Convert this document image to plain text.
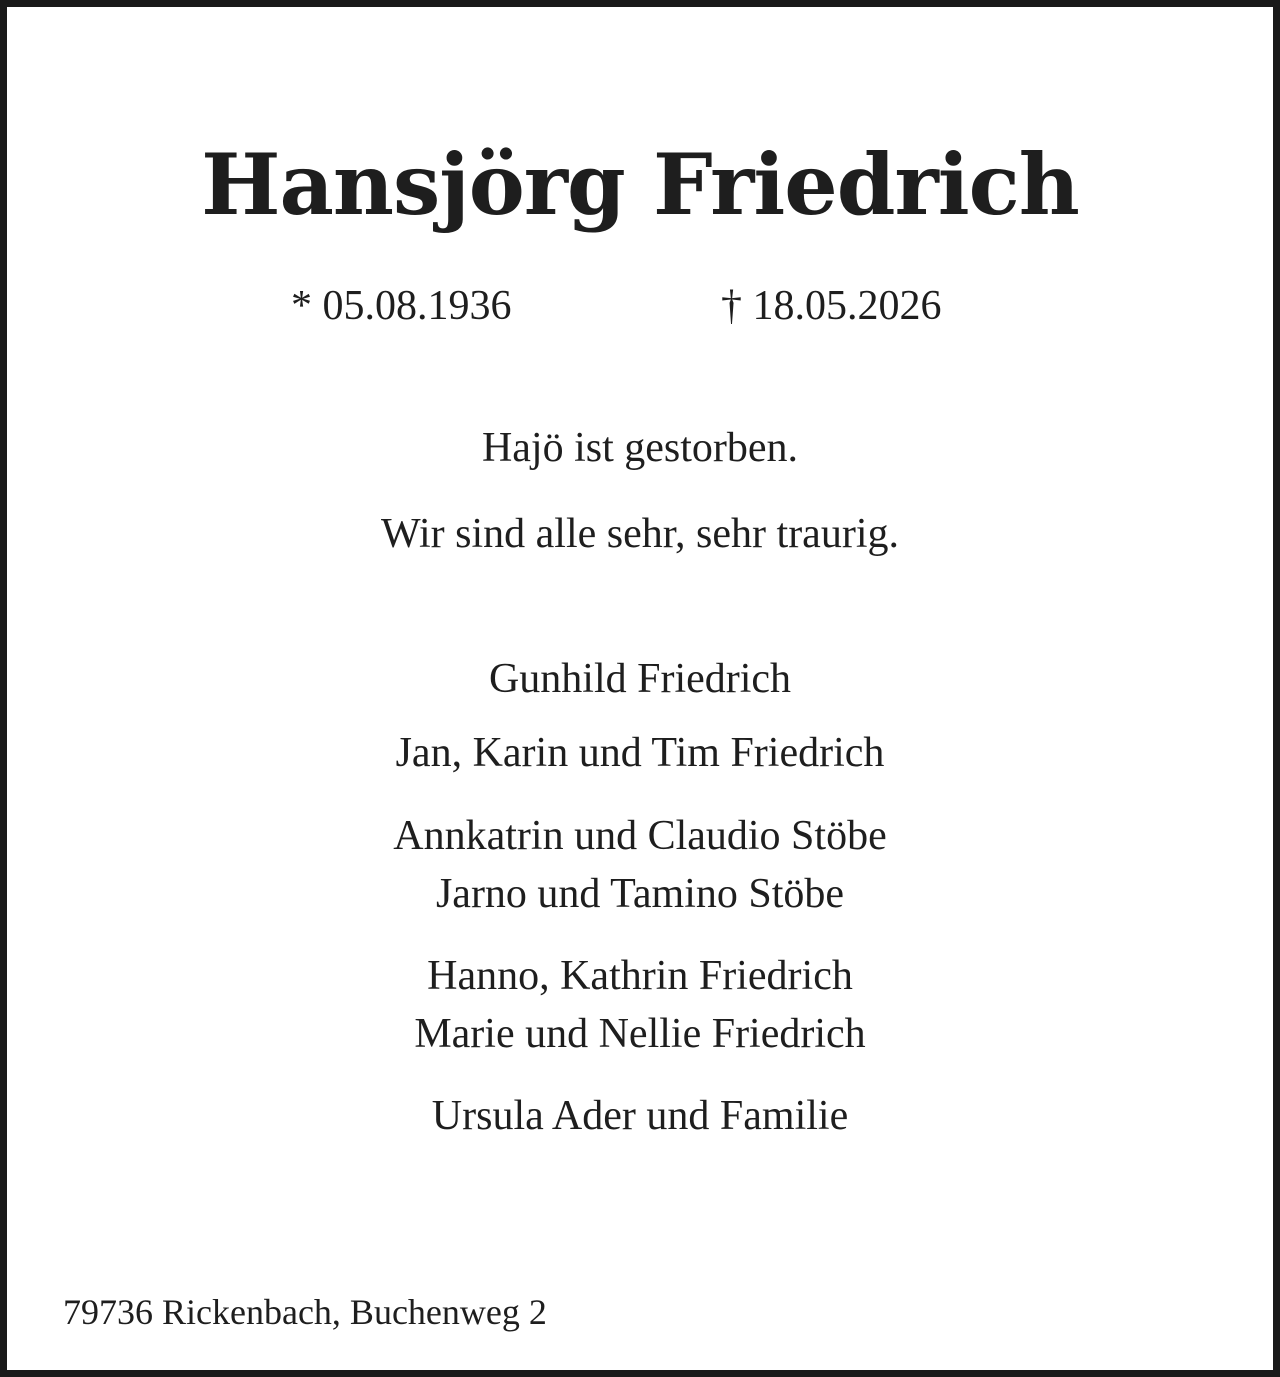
Hansjörg Friedrich
* 05.08.1936	† 18.05.2026
Hajö ist gestorben.
Wir sind alle sehr, sehr traurig.
Gunhild Friedrich
Jan, Karin und Tim Friedrich
Annkatrin und Claudio Stöbe
Jarno und Tamino Stöbe
Hanno, Kathrin Friedrich
Marie und Nellie Friedrich
Ursula Ader und Familie
79736 Rickenbach, Buchenweg 2
